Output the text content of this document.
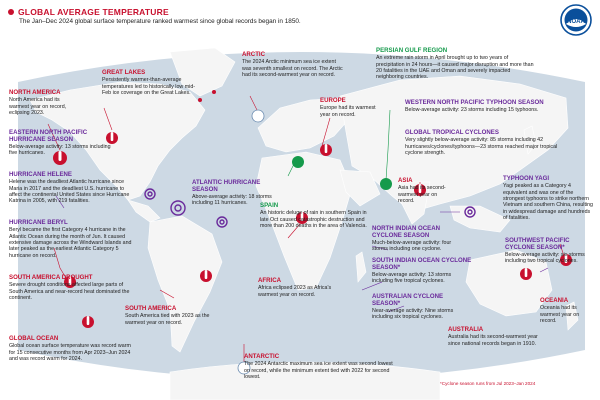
GLOBAL AVERAGE TEMPERATURE
The Jan–Dec 2024 global surface temperature ranked warmest since global records began in 1850.	NOAA
NORTH AMERICA
North America had its warmest year on record, eclipsing 2023.
GREAT LAKES
Persistently warmer-than-average temperatures led to historically low mid-Feb ice coverage on the Great Lakes.
ARCTIC
The 2024 Arctic minimum sea ice extent was seventh smallest on record. The Arctic had its second-warmest year on record.
PERSIAN GULF REGION
An extreme rain storm in April brought up to two years of precipitation in 24 hours—it caused major disruption and more than 20 fatalities in the UAE and Oman and severely impacted neighboring countries.
EASTERN NORTH PACIFIC HURRICANE SEASON
Below-average activity: 13 storms including five hurricanes.
EUROPE
Europe had its warmest year on record.
WESTERN NORTH PACIFIC TYPHOON SEASON
Below-average activity: 23 storms including 15 typhoons.
GLOBAL TROPICAL CYCLONES
Very slightly below-average activity: 85 storms including 42 hurricanes/cyclones/typhoons—23 storms reached major tropical cyclone strength.
HURRICANE HELENE
Helene was the deadliest Atlantic hurricane since Maria in 2017 and the deadliest U.S. hurricane to affect the continental United States since Hurricane Katrina in 2005, with 219 fatalities.
ATLANTIC HURRICANE SEASON
Above-average activity: 18 storms including 11 hurricanes.
ASIA
Asia had its second-warmest year on record.
TYPHOON YAGI
Yagi peaked as a Category 4 equivalent and was one of the strongest typhoons to strike northern Vietnam and southern China, resulting in widespread damage and hundreds of fatalities.
SPAIN
An historic deluge of rain in southern Spain in late Oct caused catastrophic destruction and more than 200 deaths in the area of Valencia.
HURRICANE BERYL
Beryl became the first Category 4 hurricane in the Atlantic Ocean during the month of Jun. It caused extensive damage across the Windward Islands and later peaked as the earliest Atlantic Category 5 hurricane on record.
NORTH INDIAN OCEAN CYCLONE SEASON
Much-below-average activity: four storms including one cyclone.
SOUTHWEST PACIFIC CYCLONE SEASON*
Below-average activity: six storms including two tropical cyclones.
SOUTH INDIAN OCEAN CYCLONE SEASON*
Below-average activity: 13 storms including five tropical cyclones.
SOUTH AMERICA DROUGHT
Severe drought conditions affected large parts of South America and near-record heat dominated the continent.	AUSTRALIAN CYCLONE SEASON*
Near-average activity: Nine storms including six tropical cyclones.
AFRICA
Africa eclipsed 2023 as Africa's warmest year on record.
SOUTH AMERICA
South America tied with 2023 as the warmest year on record.
OCEANIA
Oceania had its warmest year on record.
AUSTRALIA
Australia had its second-warmest year since national records began in 1910.
GLOBAL OCEAN
Global ocean surface temperature was record warm for 15 consecutive months from Apr 2023–Jun 2024 and was record warm for 2024.	ANTARCTIC
The 2024 Antarctic maximum sea ice extent was second lowest on record, while the minimum extent tied with 2022 for second lowest.
*Cyclone season runs from Jul 2023–Jan 2024
